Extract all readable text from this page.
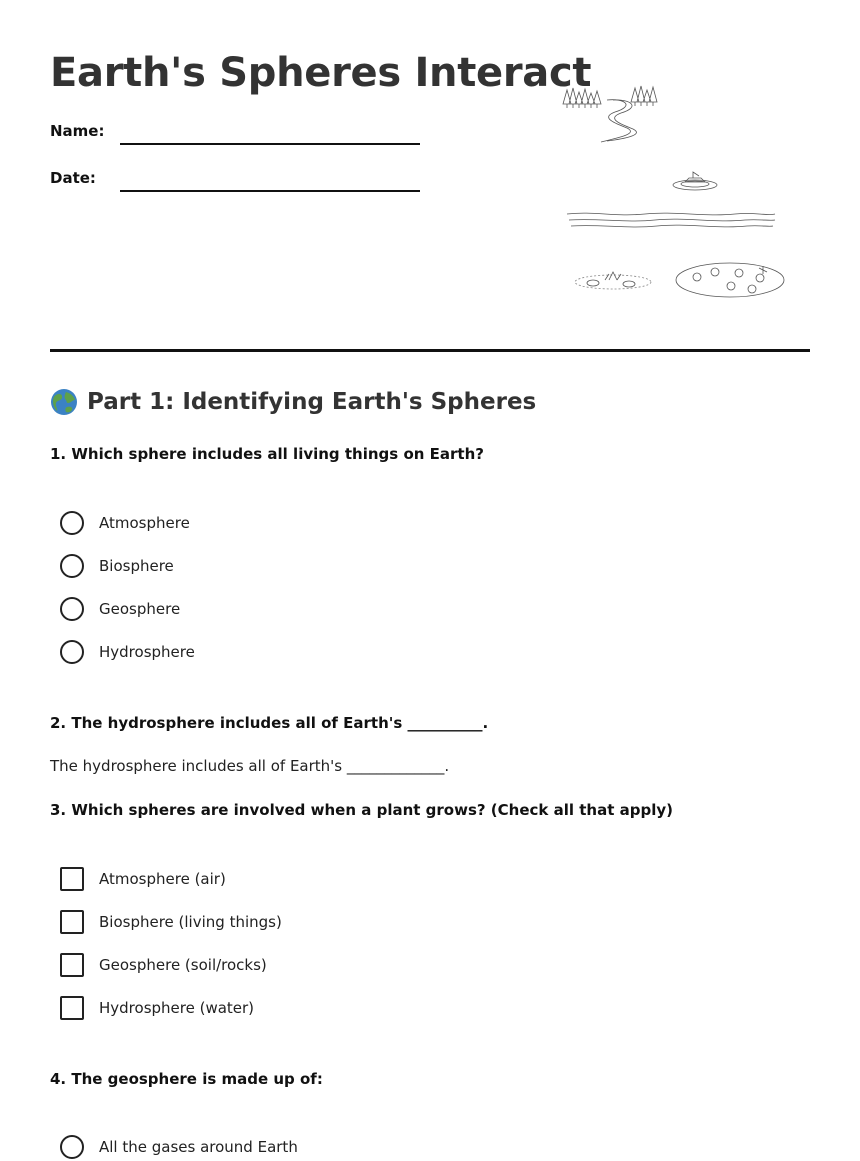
Earth's Spheres Interact
Name:
Date:
Part 1: Identifying Earth's Spheres

1. Which sphere includes all living things on Earth?

Atmosphere
Biosphere
Geosphere
Hydrosphere

2. The hydrosphere includes all of Earth's __________.

The hydrosphere includes all of Earth's _____________.

3. Which spheres are involved when a plant grows? (Check all that apply)

Atmosphere (air)
Biosphere (living things)
Geosphere (soil/rocks)
Hydrosphere (water)

4. The geosphere is made up of:

All the gases around Earth
